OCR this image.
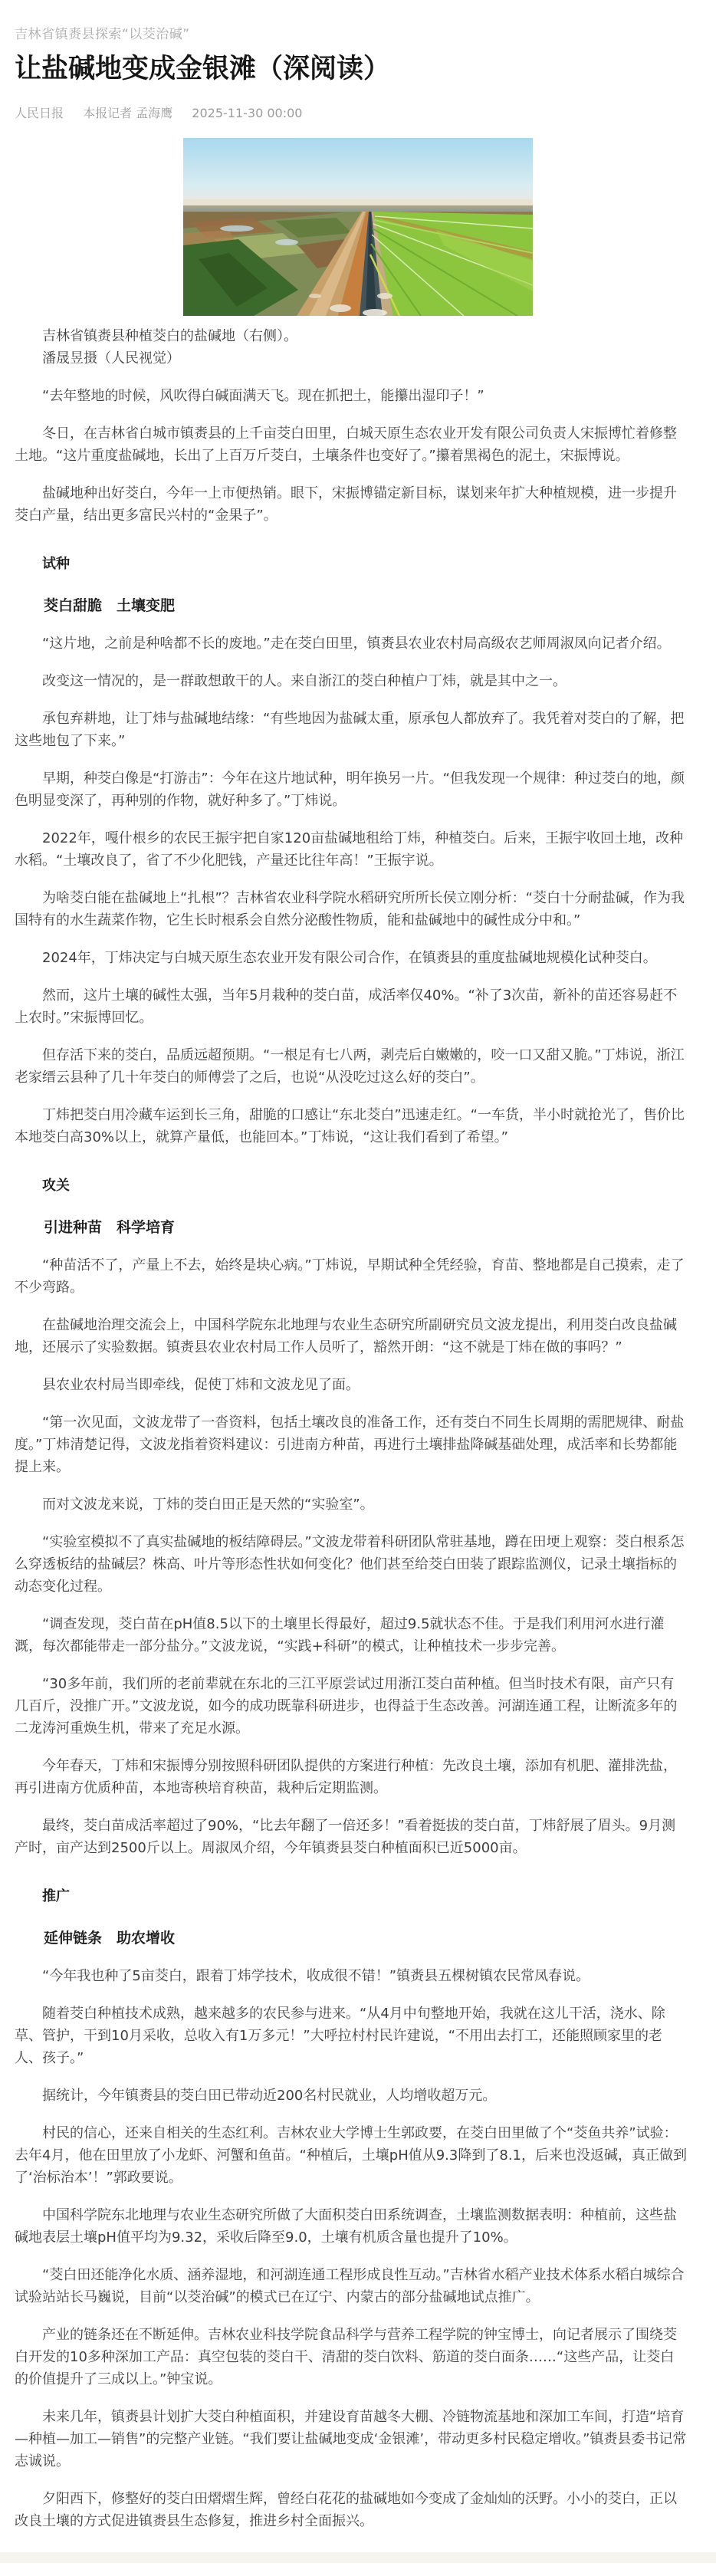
吉林省镇赉县探索“以茭治碱”
让盐碱地变成金银滩（深阅读）
人民日报 本报记者 孟海鹰 2025-11-30 00:00

吉林省镇赉县种植茭白的盐碱地（右侧）。

潘晟昱摄（人民视觉）

“去年整地的时候，风吹得白碱面满天飞。现在抓把土，能攥出湿印子！”

冬日，在吉林省白城市镇赉县的上千亩茭白田里，白城天原生态农业开发有限公司负责人宋振博忙着修整土地。“这片重度盐碱地，长出了上百万斤茭白，土壤条件也变好了。”攥着黑褐色的泥土，宋振博说。

盐碱地种出好茭白，今年一上市便热销。眼下，宋振博锚定新目标，谋划来年扩大种植规模，进一步提升茭白产量，结出更多富民兴村的“金果子”。

试种
茭白甜脆　土壤变肥

“这片地，之前是种啥都不长的废地。”走在茭白田里，镇赉县农业农村局高级农艺师周淑凤向记者介绍。

改变这一情况的，是一群敢想敢干的人。来自浙江的茭白种植户丁炜，就是其中之一。

承包弃耕地，让丁炜与盐碱地结缘：“有些地因为盐碱太重，原承包人都放弃了。我凭着对茭白的了解，把这些地包了下来。”

早期，种茭白像是“打游击”：今年在这片地试种，明年换另一片。“但我发现一个规律：种过茭白的地，颜色明显变深了，再种别的作物，就好种多了。”丁炜说。

2022年，嘎什根乡的农民王振宇把自家120亩盐碱地租给丁炜，种植茭白。后来，王振宇收回土地，改种水稻。“土壤改良了，省了不少化肥钱，产量还比往年高！”王振宇说。

为啥茭白能在盐碱地上“扎根”？吉林省农业科学院水稻研究所所长侯立刚分析：“茭白十分耐盐碱，作为我国特有的水生蔬菜作物，它生长时根系会自然分泌酸性物质，能和盐碱地中的碱性成分中和。”

2024年，丁炜决定与白城天原生态农业开发有限公司合作，在镇赉县的重度盐碱地规模化试种茭白。

然而，这片土壤的碱性太强，当年5月栽种的茭白苗，成活率仅40%。“补了3次苗，新补的苗还容易赶不上农时。”宋振博回忆。

但存活下来的茭白，品质远超预期。“一根足有七八两，剥壳后白嫩嫩的，咬一口又甜又脆。”丁炜说，浙江老家缙云县种了几十年茭白的师傅尝了之后，也说“从没吃过这么好的茭白”。

丁炜把茭白用冷藏车运到长三角，甜脆的口感让“东北茭白”迅速走红。“一车货，半小时就抢光了，售价比本地茭白高30%以上，就算产量低，也能回本。”丁炜说，“这让我们看到了希望。”

攻关
引进种苗　科学培育

“种苗活不了，产量上不去，始终是块心病。”丁炜说，早期试种全凭经验，育苗、整地都是自己摸索，走了不少弯路。

在盐碱地治理交流会上，中国科学院东北地理与农业生态研究所副研究员文波龙提出，利用茭白改良盐碱地，还展示了实验数据。镇赉县农业农村局工作人员听了，豁然开朗：“这不就是丁炜在做的事吗？”

县农业农村局当即牵线，促使丁炜和文波龙见了面。

“第一次见面，文波龙带了一沓资料，包括土壤改良的准备工作，还有茭白不同生长周期的需肥规律、耐盐度。”丁炜清楚记得，文波龙指着资料建议：引进南方种苗，再进行土壤排盐降碱基础处理，成活率和长势都能提上来。

而对文波龙来说，丁炜的茭白田正是天然的“实验室”。

“实验室模拟不了真实盐碱地的板结障碍层。”文波龙带着科研团队常驻基地，蹲在田埂上观察：茭白根系怎么穿透板结的盐碱层？株高、叶片等形态性状如何变化？他们甚至给茭白田装了跟踪监测仪，记录土壤指标的动态变化过程。

“调查发现，茭白苗在pH值8.5以下的土壤里长得最好，超过9.5就状态不佳。于是我们利用河水进行灌溉，每次都能带走一部分盐分。”文波龙说，“实践+科研”的模式，让种植技术一步步完善。

“30多年前，我们所的老前辈就在东北的三江平原尝试过用浙江茭白苗种植。但当时技术有限，亩产只有几百斤，没推广开。”文波龙说，如今的成功既靠科研进步，也得益于生态改善。河湖连通工程，让断流多年的二龙涛河重焕生机，带来了充足水源。

今年春天，丁炜和宋振博分别按照科研团队提供的方案进行种植：先改良土壤，添加有机肥、灌排洗盐，再引进南方优质种苗，本地寄秧培育秧苗，栽种后定期监测。

最终，茭白苗成活率超过了90%，“比去年翻了一倍还多！”看着挺拔的茭白苗，丁炜舒展了眉头。9月测产时，亩产达到2500斤以上。周淑凤介绍，今年镇赉县茭白种植面积已近5000亩。

推广
延伸链条　助农增收

“今年我也种了5亩茭白，跟着丁炜学技术，收成很不错！”镇赉县五棵树镇农民常凤春说。

随着茭白种植技术成熟，越来越多的农民参与进来。“从4月中旬整地开始，我就在这儿干活，浇水、除草、管护，干到10月采收，总收入有1万多元！”大呼拉村村民许建说，“不用出去打工，还能照顾家里的老人、孩子。”

据统计，今年镇赉县的茭白田已带动近200名村民就业，人均增收超万元。

村民的信心，还来自相关的生态红利。吉林农业大学博士生郭政要，在茭白田里做了个“茭鱼共养”试验：去年4月，他在田里放了小龙虾、河蟹和鱼苗。“种植后，土壤pH值从9.3降到了8.1，后来也没返碱，真正做到了‘治标治本’！”郭政要说。

中国科学院东北地理与农业生态研究所做了大面积茭白田系统调查，土壤监测数据表明：种植前，这些盐碱地表层土壤pH值平均为9.32，采收后降至9.0，土壤有机质含量也提升了10%。

“茭白田还能净化水质、涵养湿地，和河湖连通工程形成良性互动。”吉林省水稻产业技术体系水稻白城综合试验站站长马巍说，目前“以茭治碱”的模式已在辽宁、内蒙古的部分盐碱地试点推广。

产业的链条还在不断延伸。吉林农业科技学院食品科学与营养工程学院的钟宝博士，向记者展示了围绕茭白开发的10多种深加工产品：真空包装的茭白干、清甜的茭白饮料、筋道的茭白面条……“这些产品，让茭白的价值提升了三成以上。”钟宝说。

未来几年，镇赉县计划扩大茭白种植面积，并建设育苗越冬大棚、冷链物流基地和深加工车间，打造“培育—种植—加工—销售”的完整产业链。“我们要让盐碱地变成‘金银滩’，带动更多村民稳定增收。”镇赉县委书记常志诚说。

夕阳西下，修整好的茭白田熠熠生辉，曾经白花花的盐碱地如今变成了金灿灿的沃野。小小的茭白，正以改良土壤的方式促进镇赉县生态修复，推进乡村全面振兴。
